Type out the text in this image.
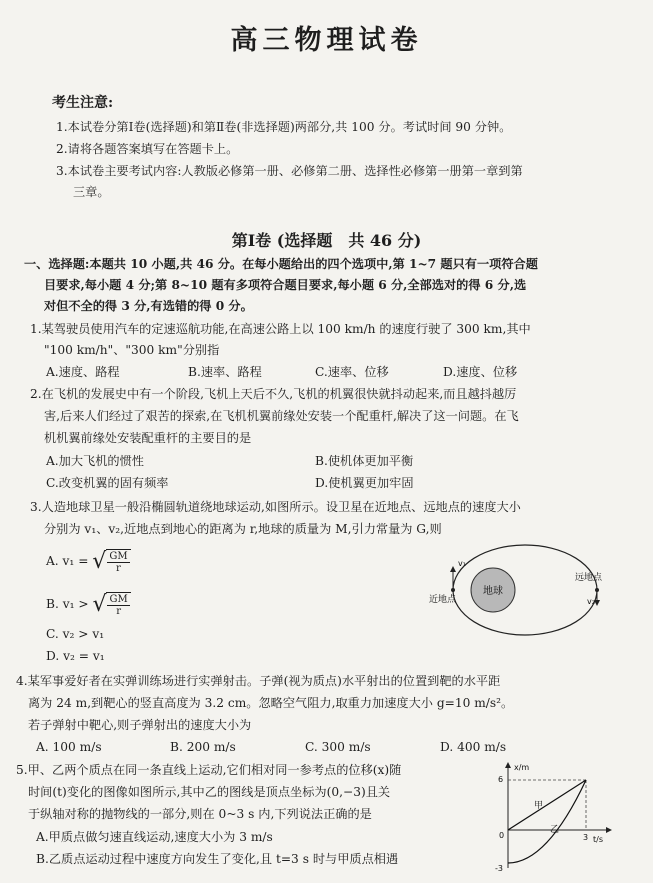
高三物理试卷
考生注意:
1.本试卷分第Ⅰ卷(选择题)和第Ⅱ卷(非选择题)两部分,共 100 分。考试时间 90 分钟。
2.请将各题答案填写在答题卡上。
3.本试卷主要考试内容:人教版必修第一册、必修第二册、选择性必修第一册第一章到第
三章。
第Ⅰ卷 (选择题　共 46 分)
一、选择题:本题共 10 小题,共 46 分。在每小题给出的四个选项中,第 1~7 题只有一项符合题
目要求,每小题 4 分;第 8~10 题有多项符合题目要求,每小题 6 分,全部选对的得 6 分,选
对但不全的得 3 分,有选错的得 0 分。
1.某驾驶员使用汽车的定速巡航功能,在高速公路上以 100 km/h 的速度行驶了 300 km,其中
"100 km/h"、"300 km"分别指
A.速度、路程	B.速率、路程	C.速率、位移	D.速度、位移
2.在飞机的发展史中有一个阶段,飞机上天后不久,飞机的机翼很快就抖动起来,而且越抖越厉
害,后来人们经过了艰苦的探索,在飞机机翼前缘处安装一个配重杆,解决了这一问题。在飞
机机翼前缘处安装配重杆的主要目的是
A.加大飞机的惯性	B.使机体更加平衡
C.改变机翼的固有频率	D.使机翼更加牢固
3.人造地球卫星一般沿椭圆轨道绕地球运动,如图所示。设卫星在近地点、远地点的速度大小
分别为 v₁、v₂,近地点到地心的距离为 r,地球的质量为 M,引力常量为 G,则
A. v₁ = √ $\frac{GM}{r}$
B. v₁ > √ $\frac{GM}{r}$
C. v₂ > v₁
D. v₂ = v₁
地球
v₁
近地点	v₂
远地点
4.某军事爱好者在实弹训练场进行实弹射击。子弹(视为质点)水平射出的位置到靶的水平距
离为 24 m,到靶心的竖直高度为 3.2 cm。忽略空气阻力,取重力加速度大小 g=10 m/s²。
若子弹射中靶心,则子弹射出的速度大小为
A. 100 m/s	B. 200 m/s	C. 300 m/s	D. 400 m/s
5.甲、乙两个质点在同一条直线上运动,它们相对同一参考点的位移(x)随
时间(t)变化的图像如图所示,其中乙的图线是顶点坐标为(0,−3)且关
于纵轴对称的抛物线的一部分,则在 0~3 s 内,下列说法正确的是
A.甲质点做匀速直线运动,速度大小为 3 m/s
B.乙质点运动过程中速度方向发生了变化,且 t=3 s 时与甲质点相遇
x/m
t/s
6
-3
0	3
甲
乙
